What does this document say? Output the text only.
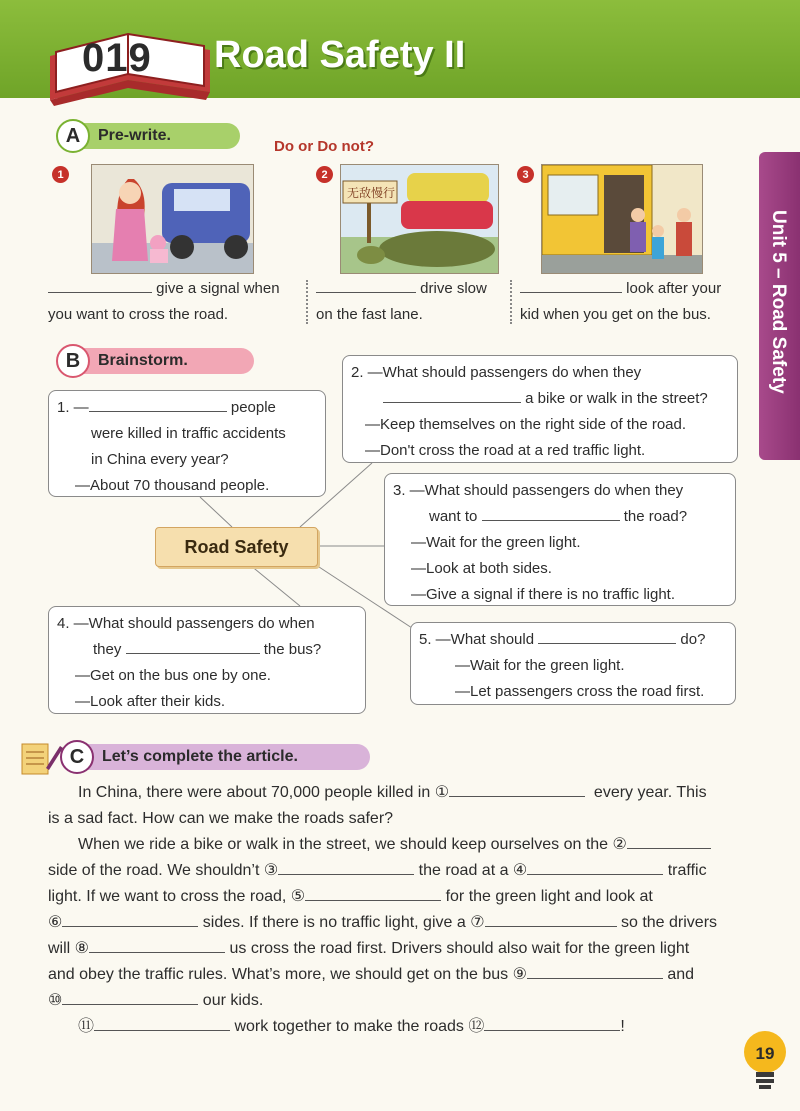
019 Road Safety II
Unit 5 – Road Safety
A	Pre-write.
Do or Do not?
1	2	3
无敌慢行
give a signal when
you want to cross the road.
drive slow
on the fast lane.
look after your
kid when you get on the bus.
B	Brainstorm.

1. —	people

were killed in traffic accidents

in China every year?

—About 70 thousand people.

2. —What should passengers do when they

a bike or walk in the street?

—Keep themselves on the right side of the road.

—Don't cross the road at a red traffic light.

3. —What should passengers do when they

want to	the road?

—Wait for the green light.

—Look at both sides.

—Give a signal if there is no traffic light.

Road Safety

4. —What should passengers do when

they	the bus?

—Get on the bus one by one.

—Look after their kids.

5. —What should	do?

—Wait for the green light.

—Let passengers cross the road first.

C	Let’s complete the article.

In China, there were about 70,000 people killed in ①	every year. This

is a sad fact. How can we make the roads safer?

When we ride a bike or walk in the street, we should keep ourselves on the ②

side of the road. We shouldn’t ③	the road at a ④	traffic

light. If we want to cross the road, ⑤	for the green light and look at

⑥	sides. If there is no traffic light, give a ⑦	so the drivers

will ⑧	us cross the road first. Drivers should also wait for the green light

and obey the traffic rules. What’s more, we should get on the bus ⑨	and

⑩	our kids.

⑪	work together to make the roads ⑫	!

19
